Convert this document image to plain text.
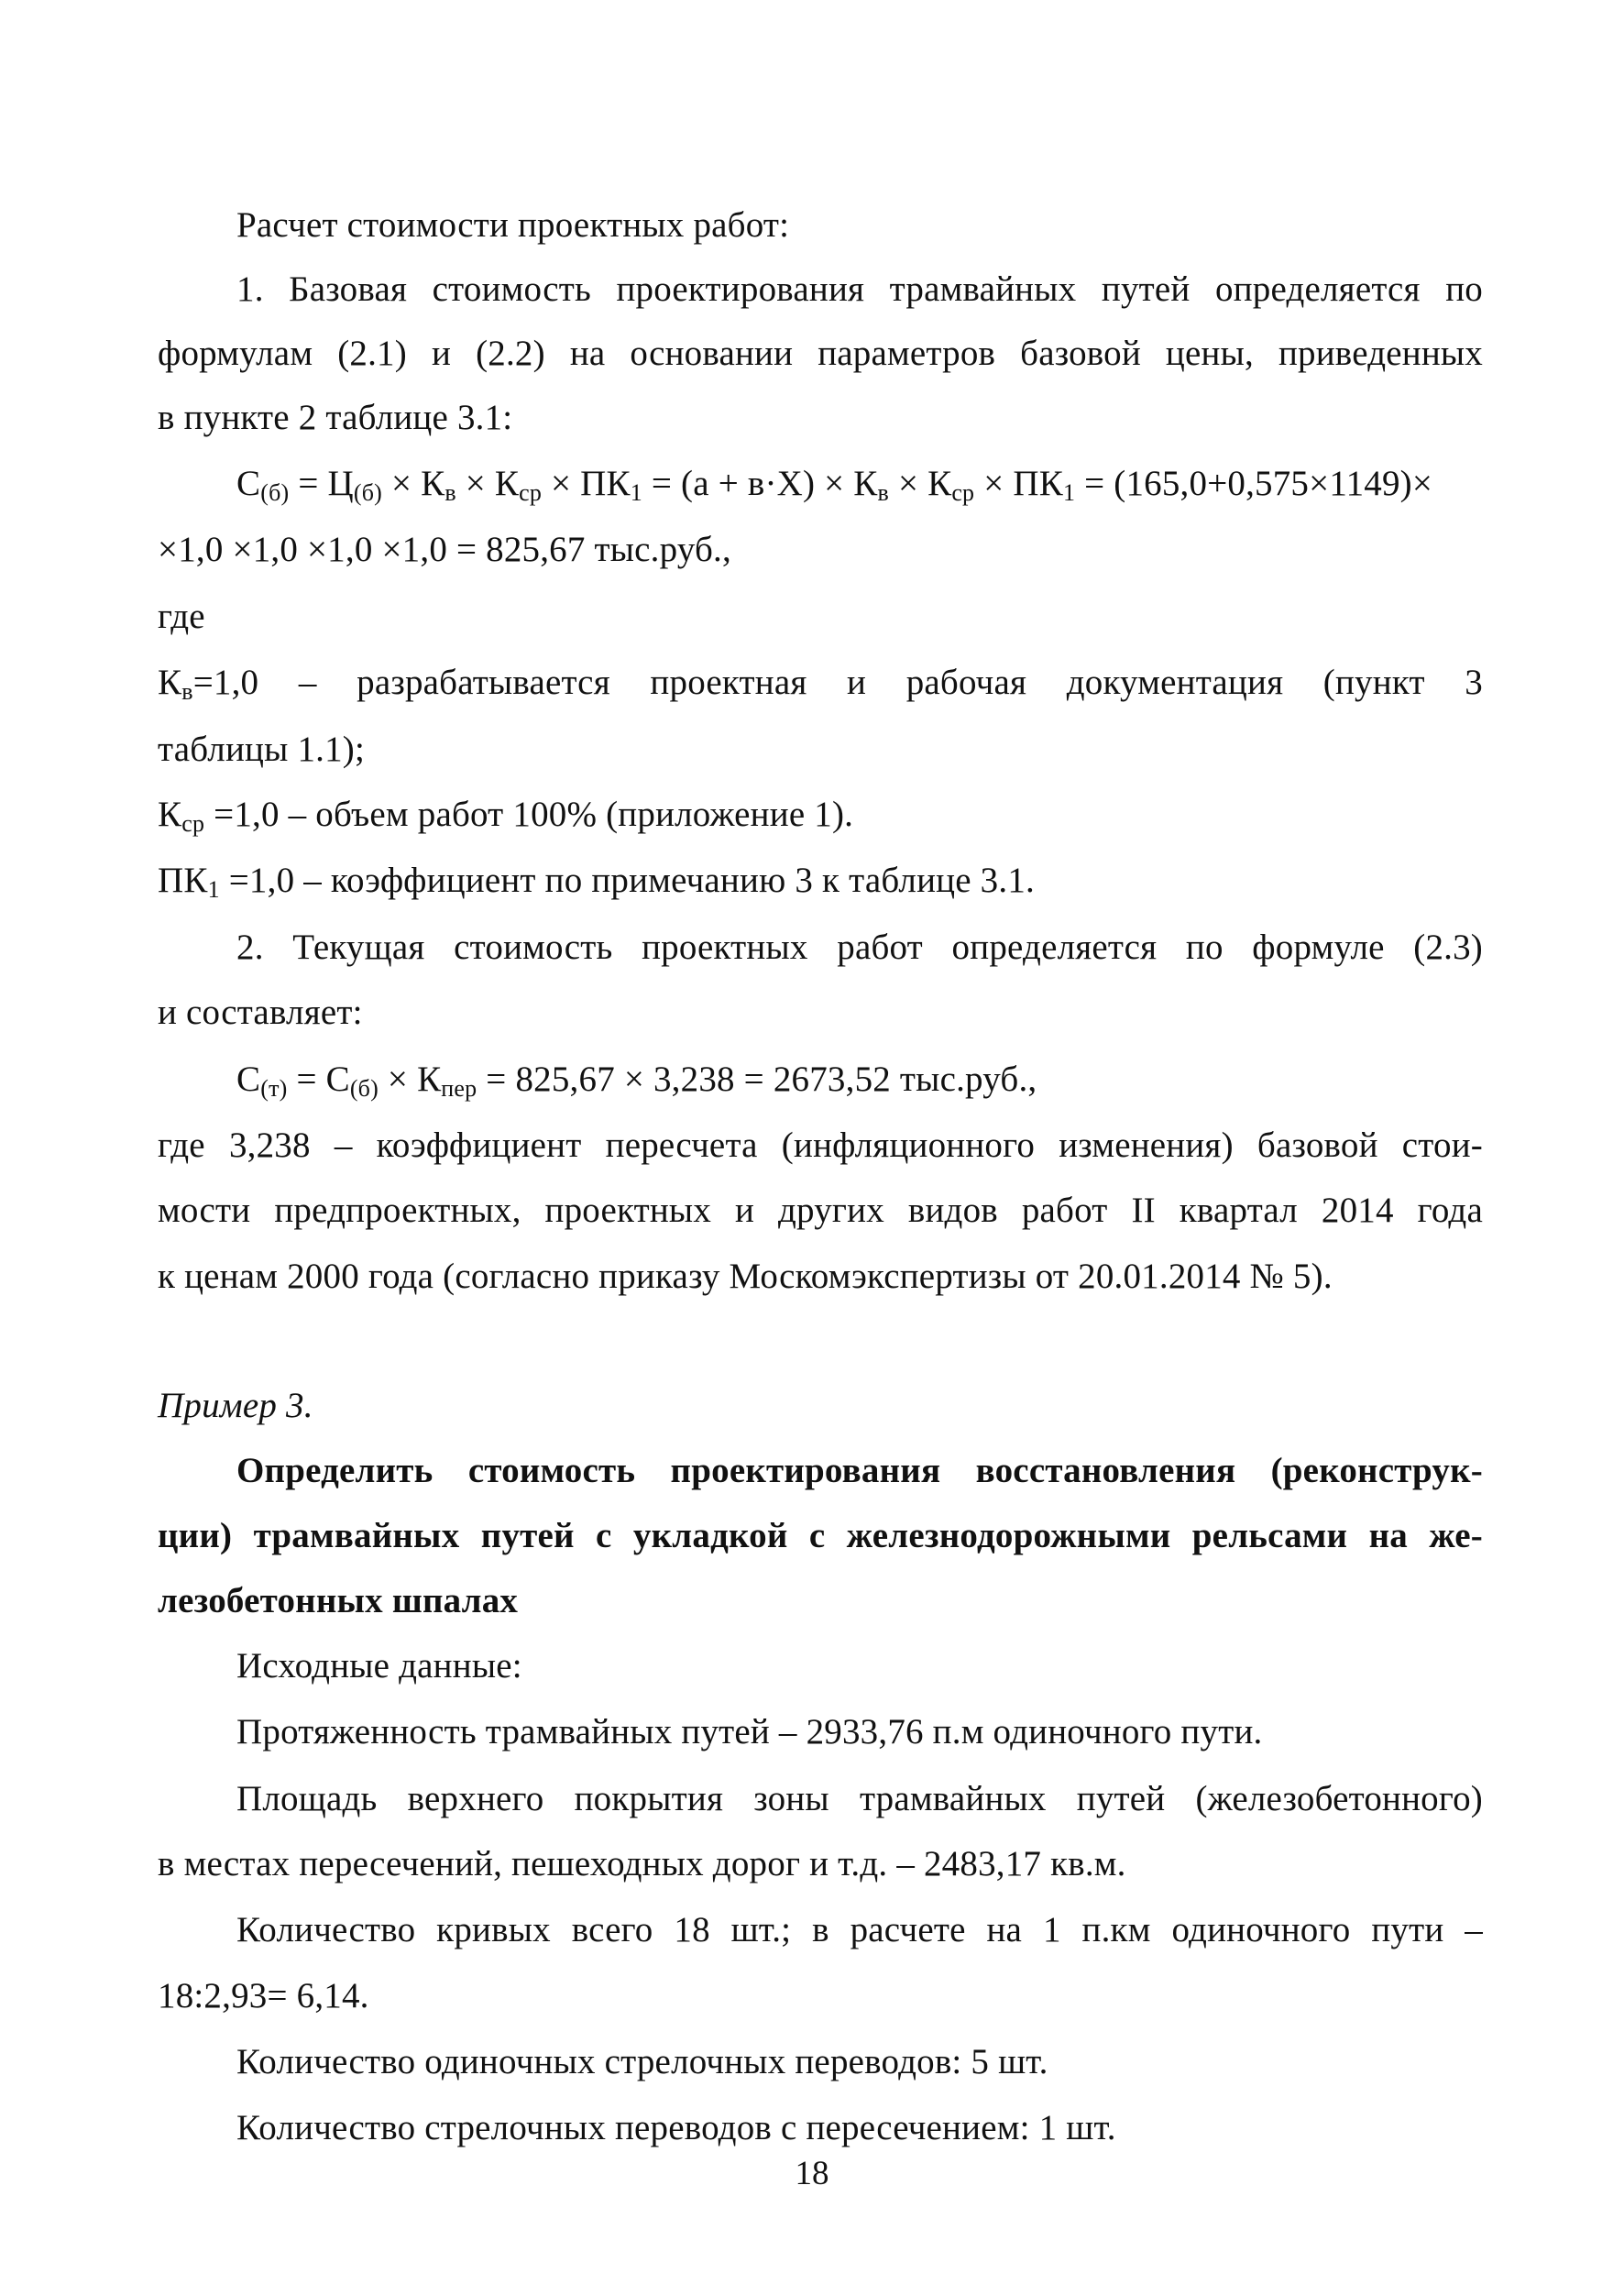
Расчет стоимости проектных работ:
1. Базовая стоимость проектирования трамвайных путей определяется по
формулам (2.1) и (2.2) на основании параметров базовой цены, приведенных
в пункте 2 таблице 3.1:
$С_{(б)} = Ц_{(б)} \times К_в \times К_{ср} \times ПК_1 = (а + в\cdot Х) \times К_в \times К_{ср} \times ПК_1 = (165,0+0,575\times 1149)\times$
×1,0 ×1,0 ×1,0 ×1,0 = 825,67 тыс.руб.,
где
$К_в=1,0$ – разрабатывается проектная и рабочая документация (пункт 3
таблицы 1.1);
$К_{ср} =1,0$ – объем работ 100% (приложение 1).
$ПК_1 =1,0$ – коэффициент по примечанию 3 к таблице 3.1.
2. Текущая стоимость проектных работ определяется по формуле (2.3)
и составляет:
$С_{(т)} = С_{(б)} \times К_{пер} = 825,67 \times 3,238 = 2673,52$ тыс.руб.,
где 3,238 – коэффициент пересчета (инфляционного изменения) базовой стои-
мости предпроектных, проектных и других видов работ II квартал 2014 года
к ценам 2000 года (согласно приказу Москомэкспертизы от 20.01.2014 № 5).
Пример 3.
Определить стоимость проектирования восстановления (реконструк-
ции) трамвайных путей с укладкой с железнодорожными рельсами на же-
лезобетонных шпалах
Исходные данные:
Протяженность трамвайных путей – 2933,76 п.м одиночного пути.
Площадь верхнего покрытия зоны трамвайных путей (железобетонного)
в местах пересечений, пешеходных дорог и т.д. – 2483,17 кв.м.
Количество кривых всего 18 шт.; в расчете на 1 п.км одиночного пути –
18:2,93= 6,14.
Количество одиночных стрелочных переводов: 5 шт.
Количество стрелочных переводов с пересечением: 1 шт.
18
